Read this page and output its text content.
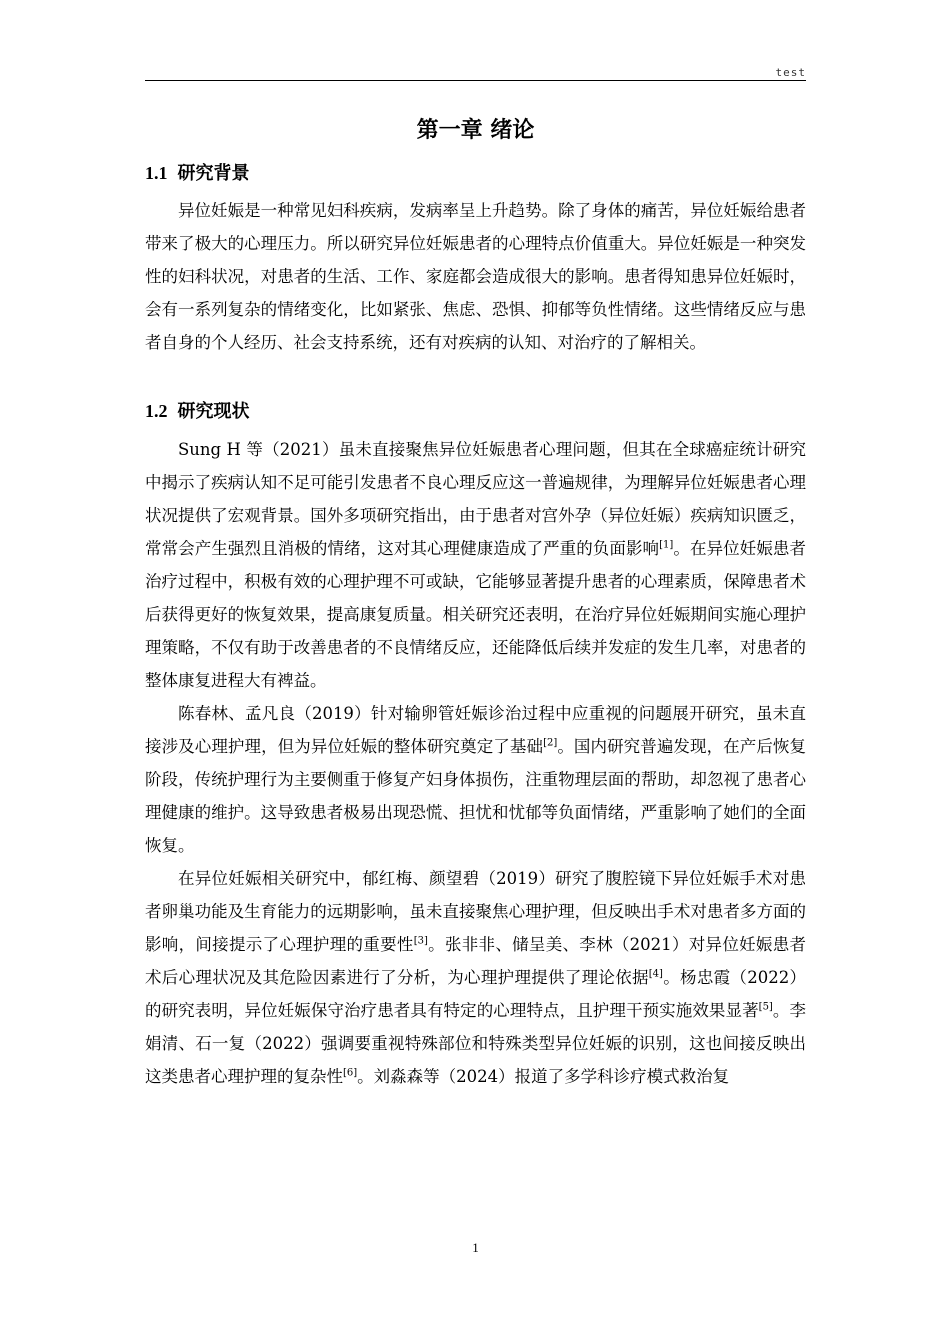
test
第一章 绪论
1.1 研究背景

异位妊娠是一种常见妇科疾病，发病率呈上升趋势。除了身体的痛苦，异位妊娠给患者带来了极大的心理压力。所以研究异位妊娠患者的心理特点价值重大。异位妊娠是一种突发性的妇科状况，对患者的生活、工作、家庭都会造成很大的影响。患者得知患异位妊娠时，会有一系列复杂的情绪变化，比如紧张、焦虑、恐惧、抑郁等负性情绪。这些情绪反应与患者自身的个人经历、社会支持系统，还有对疾病的认知、对治疗的了解相关。

1.2 研究现状

Sung H 等（2021）虽未直接聚焦异位妊娠患者心理问题，但其在全球癌症统计研究中揭示了疾病认知不足可能引发患者不良心理反应这一普遍规律，为理解异位妊娠患者心理状况提供了宏观背景。国外多项研究指出，由于患者对宫外孕（异位妊娠）疾病知识匮乏，常常会产生强烈且消极的情绪，这对其心理健康造成了严重的负面影响[1]。在异位妊娠患者治疗过程中，积极有效的心理护理不可或缺，它能够显著提升患者的心理素质，保障患者术后获得更好的恢复效果，提高康复质量。相关研究还表明，在治疗异位妊娠期间实施心理护理策略，不仅有助于改善患者的不良情绪反应，还能降低后续并发症的发生几率，对患者的整体康复进程大有裨益。

陈春林、孟凡良（2019）针对输卵管妊娠诊治过程中应重视的问题展开研究，虽未直接涉及心理护理，但为异位妊娠的整体研究奠定了基础[2]。国内研究普遍发现，在产后恢复阶段，传统护理行为主要侧重于修复产妇身体损伤，注重物理层面的帮助，却忽视了患者心理健康的维护。这导致患者极易出现恐慌、担忧和忧郁等负面情绪，严重影响了她们的全面恢复。

在异位妊娠相关研究中，郁红梅、颜望碧（2019）研究了腹腔镜下异位妊娠手术对患者卵巢功能及生育能力的远期影响，虽未直接聚焦心理护理，但反映出手术对患者多方面的影响，间接提示了心理护理的重要性[3]。张非非、储呈美、李林（2021）对异位妊娠患者术后心理状况及其危险因素进行了分析，为心理护理提供了理论依据[4]。杨忠霞（2022）的研究表明，异位妊娠保守治疗患者具有特定的心理特点，且护理干预实施效果显著[5]。李娟清、石一复（2022）强调要重视特殊部位和特殊类型异位妊娠的识别，这也间接反映出这类患者心理护理的复杂性[6]。刘淼森等（2024）报道了多学科诊疗模式救治复

1
